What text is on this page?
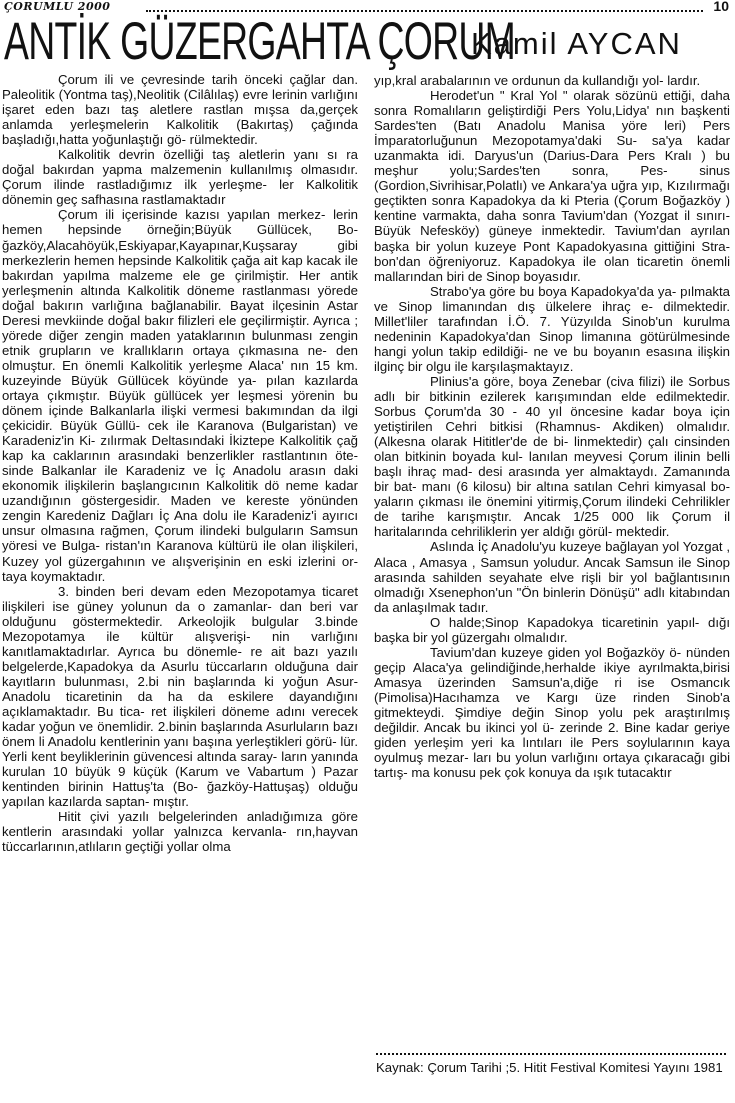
ÇORUMLU 2000	10
ANTİK GÜZERGAHTA ÇORUM
Kamil AYCAN

Çorum ili ve çevresinde tarih önceki çağlar dan. Paleolitik (Yontma taş),Neolitik (Cilâlılaş) evre lerinin varlığını işaret eden bazı taş aletlere rastlan mışsa da,gerçek anlamda yerleşmelerin Kalkolitik (Bakırtaş) çağında başladığı,hatta yoğunlaştığı gö- rülmektedir.

Kalkolitik devrin özelliği taş aletlerin yanı sı ra doğal bakırdan yapma malzemenin kullanılmış olmasıdır. Çorum ilinde rastladığımız ilk yerleşme- ler Kalkolitik dönemin geç safhasına rastlamaktadır

Çorum ili içerisinde kazısı yapılan merkez- lerin hemen hepsinde örneğin;Büyük Güllücek, Bo- ğazköy,Alacahöyük,Eskiyapar,Kayapınar,Kuşsaray gibi merkezlerin hemen hepsinde Kalkolitik çağa ait kap kacak ile bakırdan yapılma malzeme ele ge çirilmiştir. Her antik yerleşmenin altında Kalkolitik döneme rastlanması yörede doğal bakırın varlığına bağlanabilir. Bayat ilçesinin Astar Deresi mevkiinde doğal bakır filizleri ele geçilirmiştir. Ayrıca ; yörede diğer zengin maden yataklarının bulunması zengin etnik grupların ve krallıkların ortaya çıkmasına ne- den olmuştur. En önemli Kalkolitik yerleşme Alaca' nın 15 km. kuzeyinde Büyük Güllücek köyünde ya- pılan kazılarda ortaya çıkmıştır. Büyük güllücek yer leşmesi yörenin bu dönem içinde Balkanlarla ilişki vermesi bakımından da ilgi çekicidir. Büyük Güllü- cek ile Karanova (Bulgaristan) ve Karadeniz'in Ki- zılırmak Deltasındaki İkiztepe Kalkolitik çağ kap ka caklarının arasındaki benzerlikler rastlantının öte- sinde Balkanlar ile Karadeniz ve İç Anadolu arasın daki ekonomik ilişkilerin başlangıcının Kalkolitik dö neme kadar uzandığının göstergesidir. Maden ve kereste yönünden zengin Karedeniz Dağları İç Ana dolu ile Karadeniz'i ayırıcı unsur olmasına rağmen, Çorum ilindeki bulguların Samsun yöresi ve Bulga- ristan'ın Karanova kültürü ile olan ilişkileri, Kuzey yol güzergahının ve alışverişinin en eski izlerini or- taya koymaktadır.

3. binden beri devam eden Mezopotamya ticaret ilişkileri ise güney yolunun da o zamanlar- dan beri var olduğunu göstermektedir. Arkeolojik bulgular 3.binde Mezopotamya ile kültür alışverişi- nin varlığını kanıtlamaktadırlar. Ayrıca bu dönemle- re ait bazı yazılı belgelerde,Kapadokya da Asurlu tüccarların olduğuna dair kayıtların bulunması, 2.bi nin başlarında ki yoğun Asur-Anadolu ticaretinin da ha da eskilere dayandığını açıklamaktadır. Bu tica- ret ilişkileri döneme adını verecek kadar yoğun ve önemlidir. 2.binin başlarında Asurluların bazı önem li Anadolu kentlerinin yanı başına yerleştikleri görü- lür. Yerli kent beyliklerinin güvencesi altında saray- ların yanında kurulan 10 büyük 9 küçük (Karum ve Vabartum ) Pazar kentinden birinin Hattuş'ta (Bo- ğazköy-Hattuşaş) olduğu yapılan kazılarda saptan- mıştır.

Hitit çivi yazılı belgelerinden anladığımıza göre kentlerin arasındaki yollar yalnızca kervanla- rın,hayvan tüccarlarının,atlıların geçtiği yollar olma

yıp,kral arabalarının ve ordunun da kullandığı yol- lardır.

Herodet'un " Kral Yol " olarak sözünü ettiği, daha sonra Romalıların geliştirdiği Pers Yolu,Lidya' nın başkenti Sardes'ten (Batı Anadolu Manisa yöre leri) Pers İmparatorluğunun Mezopotamya'daki Su- sa'ya kadar uzanmakta idi. Daryus'un (Darius-Dara Pers Kralı ) bu meşhur yolu;Sardes'ten sonra, Pes- sinus (Gordion,Sivrihisar,Polatlı) ve Ankara'ya uğra yıp, Kızılırmağı geçtikten sonra Kapadokya da ki Pteria (Çorum Boğazköy ) kentine varmakta, daha sonra Tavium'dan (Yozgat il sınırı-Büyük Nefesköy) güneye inmektedir. Tavium'dan ayrılan başka bir yolun kuzeye Pont Kapadokyasına gittiğini Stra- bon'dan öğreniyoruz. Kapadokya ile olan ticaretin önemli mallarından biri de Sinop boyasıdır.

Strabo'ya göre bu boya Kapadokya'da ya- pılmakta ve Sinop limanından dış ülkelere ihraç e- dilmektedir. Millet'liler tarafından İ.Ö. 7. Yüzyılda Sinob'un kurulma nedeninin Kapadokya'dan Sinop limanına götürülmesinde hangi yolun takip edildiği- ne ve bu boyanın esasına ilişkin ilginç bir olgu ile karşılaşmaktayız.

Plinius'a göre, boya Zenebar (civa filizi) ile Sorbus adlı bir bitkinin ezilerek karışımından elde edilmektedir. Sorbus Çorum'da 30 - 40 yıl öncesine kadar boya için yetiştirilen Cehri bitkisi (Rhamnus- Akdiken) olmalıdır. (Alkesna olarak Hititler'de de bi- linmektedir) çalı cinsinden olan bitkinin boyada kul- lanılan meyvesi Çorum ilinin belli başlı ihraç mad- desi arasında yer almaktaydı. Zamanında bir bat- manı (6 kilosu) bir altına satılan Cehri kimyasal bo- yaların çıkması ile önemini yitirmiş,Çorum ilindeki Cehrilikler de tarihe karışmıştır. Ancak 1/25 000 lik Çorum il haritalarında cehriliklerin yer aldığı görül- mektedir.

Aslında İç Anadolu'yu kuzeye bağlayan yol Yozgat , Alaca , Amasya , Samsun yoludur. Ancak Samsun ile Sinop arasında sahilden seyahate elve rişli bir yol bağlantısının olmadığı Xsenephon'un "Ön binlerin Dönüşü" adlı kitabından da anlaşılmak tadır.

O halde;Sinop Kapadokya ticaretinin yapıl- dığı başka bir yol güzergahı olmalıdır.

Tavium'dan kuzeye giden yol Boğazköy ö- nünden geçip Alaca'ya gelindiğinde,herhalde ikiye ayrılmakta,birisi Amasya üzerinden Samsun'a,diğe ri ise Osmancık (Pimolisa)Hacıhamza ve Kargı üze rinden Sinob'a gitmekteydi. Şimdiye değin Sinop yolu pek araştırılmış değildir. Ancak bu ikinci yol ü- zerinde 2. Bine kadar geriye giden yerleşim yeri ka lıntıları ile Pers soylularının kaya oyulmuş mezar- ları bu yolun varlığını ortaya çıkaracağı gibi tartış- ma konusu pek çok konuya da ışık tutacaktır

Kaynak: Çorum Tarihi ;5. Hitit Festival Komitesi Yayını 1981
